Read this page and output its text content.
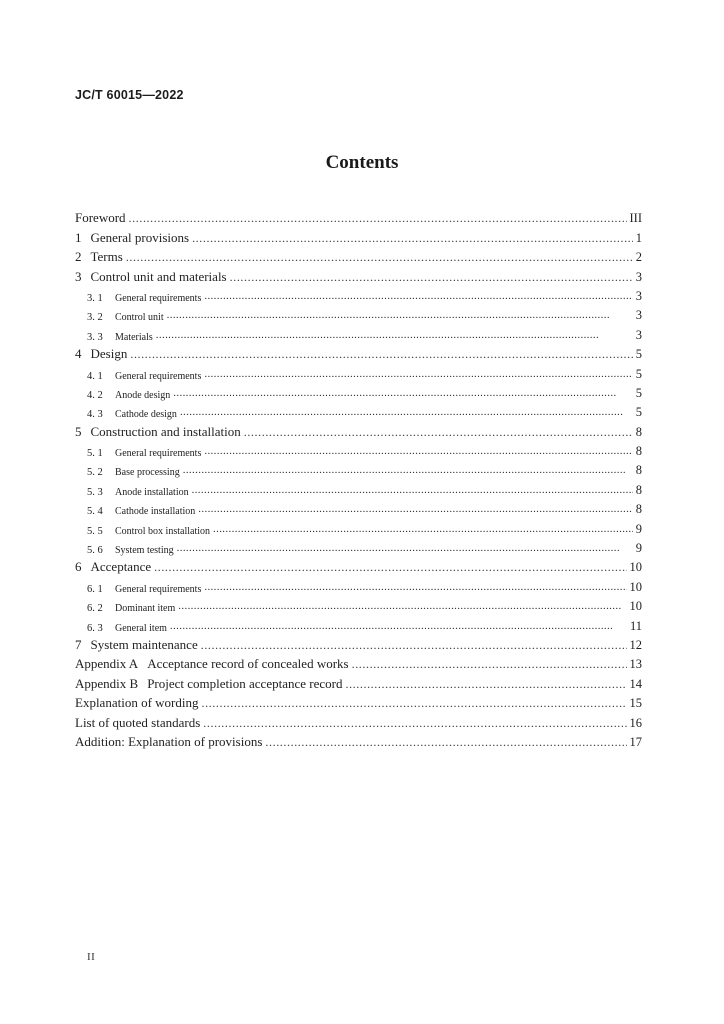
JC/T 60015—2022
Contents
Foreword . . .	III
1 General provisions . . .	1
2 Terms . . .	2
3 Control unit and materials . . .	3
3. 1 General requirements . . .	3
3. 2 Control unit . . .	3
3. 3 Materials . . .	3
4 Design . . .	5
4. 1 General requirements . . .	5
4. 2 Anode design . . .	5
4. 3 Cathode design . . .	5
5 Construction and installation . . .	8
5. 1 General requirements . . .	8
5. 2 Base processing . . .	8
5. 3 Anode installation . . .	8
5. 4 Cathode installation . . .	8
5. 5 Control box installation . . .	9
5. 6 System testing . . .	9
6 Acceptance . . .	10
6. 1 General requirements . . .	10
6. 2 Dominant item . . .	10
6. 3 General item . . .	11
7 System maintenance . . .	12
Appendix A Acceptance record of concealed works . . .	13
Appendix B Project completion acceptance record . . .	14
Explanation of wording . . .	15
List of quoted standards . . .	16
Addition: Explanation of provisions . . .	17
II
